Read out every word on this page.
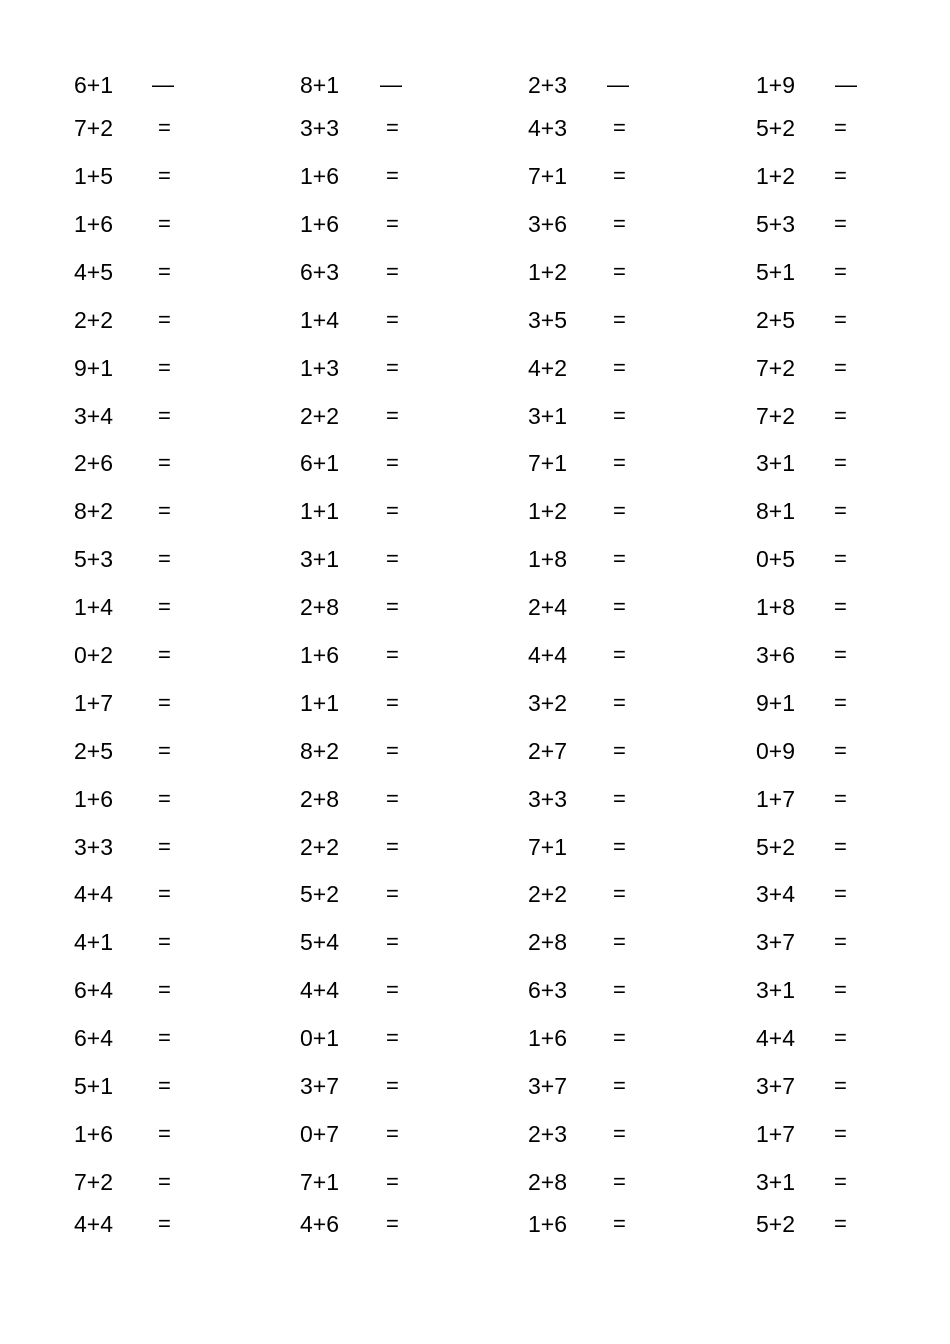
6+1 —	8+1 —	2+3 —	1+9 —
7+2 =	3+3 =	4+3 =	5+2 =
1+5 =	1+6 =	7+1 =	1+2 =
1+6 =	1+6 =	3+6 =	5+3 =
4+5 =	6+3 =	1+2 =	5+1 =
2+2 =	1+4 =	3+5 =	2+5 =
9+1 =	1+3 =	4+2 =	7+2 =
3+4 =	2+2 =	3+1 =	7+2 =
2+6 =	6+1 =	7+1 =	3+1 =
8+2 =	1+1 =	1+2 =	8+1 =
5+3 =	3+1 =	1+8 =	0+5 =
1+4 =	2+8 =	2+4 =	1+8 =
0+2 =	1+6 =	4+4 =	3+6 =
1+7 =	1+1 =	3+2 =	9+1 =
2+5 =	8+2 =	2+7 =	0+9 =
1+6 =	2+8 =	3+3 =	1+7 =
3+3 =	2+2 =	7+1 =	5+2 =
4+4 =	5+2 =	2+2 =	3+4 =
4+1 =	5+4 =	2+8 =	3+7 =
6+4 =	4+4 =	6+3 =	3+1 =
6+4 =	0+1 =	1+6 =	4+4 =
5+1 =	3+7 =	3+7 =	3+7 =
1+6 =	0+7 =	2+3 =	1+7 =
7+2 =	7+1 =	2+8 =	3+1 =
4+4 =	4+6 =	1+6 =	5+2 =
